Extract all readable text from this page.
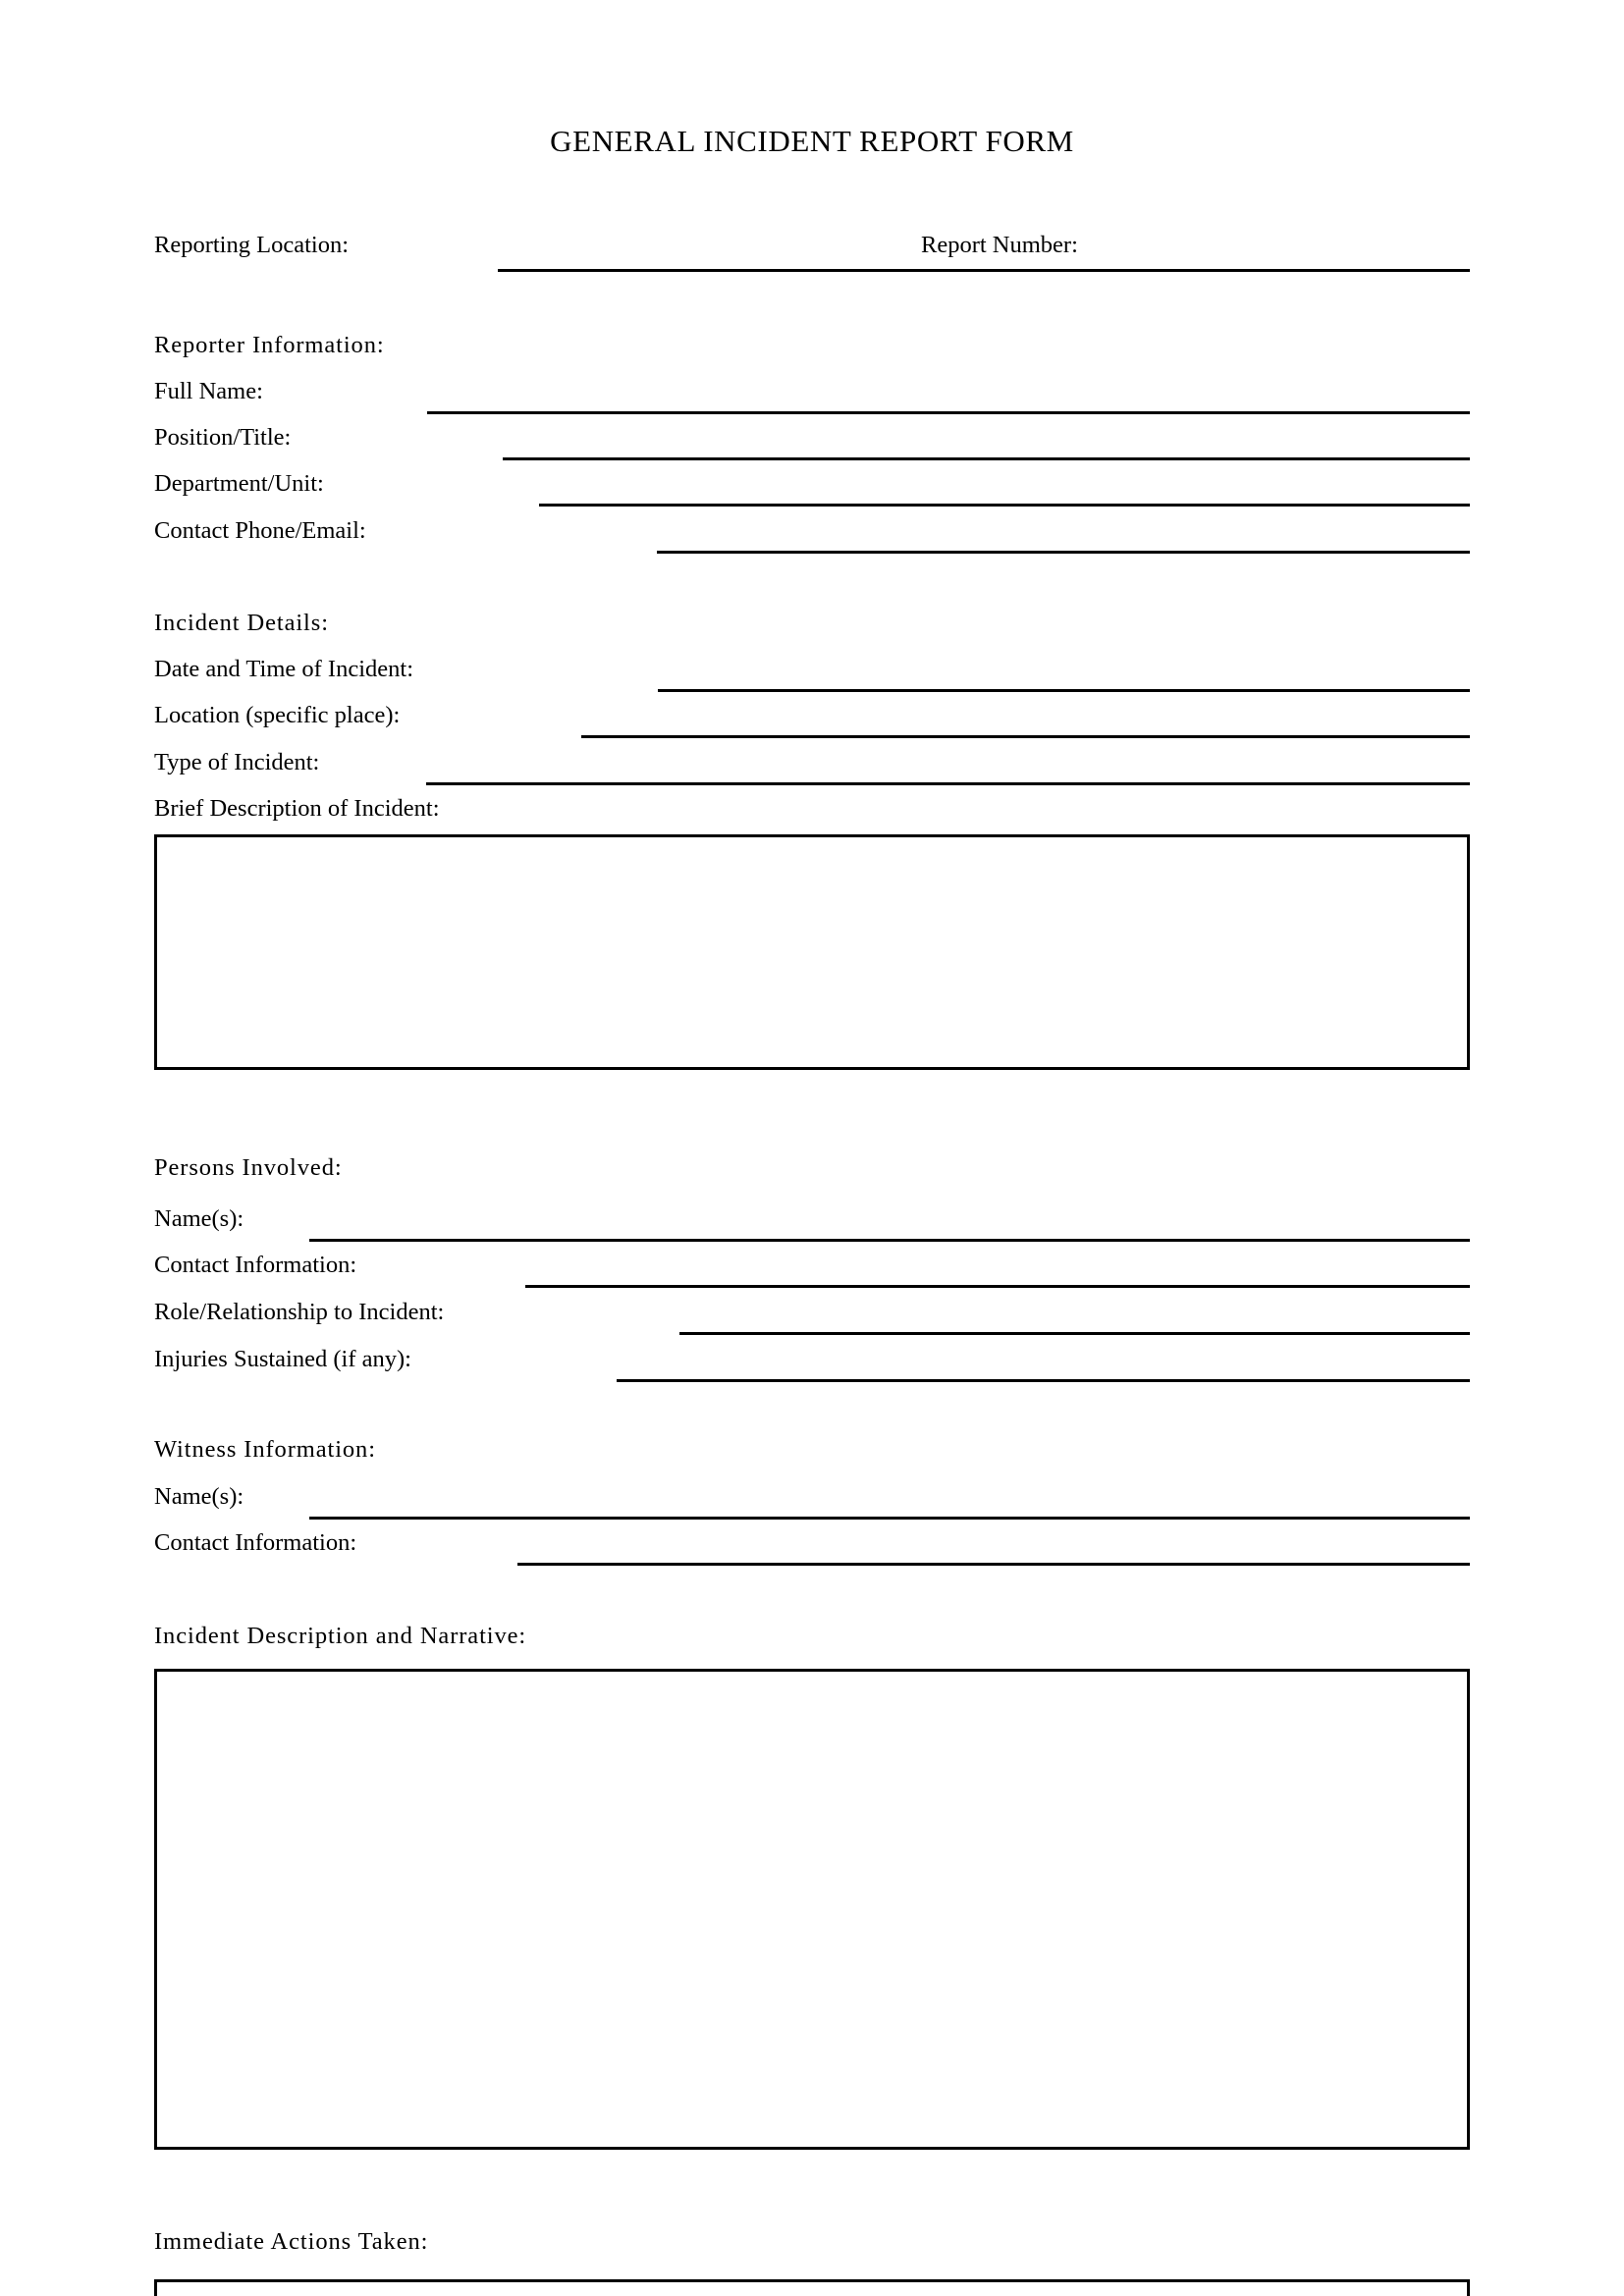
GENERAL INCIDENT REPORT FORM
Reporting Location:	Report Number:
Reporter Information:
Full Name:
Position/Title:
Department/Unit:
Contact Phone/Email:
Incident Details:
Date and Time of Incident:
Location (specific place):
Type of Incident:
Brief Description of Incident:
Persons Involved:
Name(s):
Contact Information:
Role/Relationship to Incident:
Injuries Sustained (if any):
Witness Information:
Name(s):
Contact Information:
Incident Description and Narrative:
Immediate Actions Taken:
